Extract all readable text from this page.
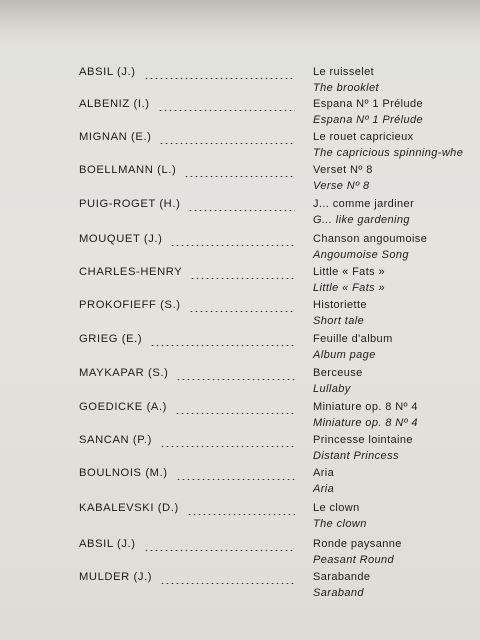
ABSIL (J.)	Le ruisselet
The brooklet
ALBENIZ (I.)	Espana Nº 1 Prélude
Espana Nº 1 Prélude
MIGNAN (E.)	Le rouet capricieux
The capricious spinning-whe
BOELLMANN (L.)	Verset Nº 8
Verse Nº 8
PUIG-ROGET (H.)	J... comme jardiner
G... like gardening
MOUQUET (J.)	Chanson angoumoise
Angoumoise Song
CHARLES-HENRY	Little « Fats »
Little « Fats »
PROKOFIEFF (S.)	Historiette
Short tale
GRIEG (E.)	Feuille d'album
Album page
MAYKAPAR (S.)	Berceuse
Lullaby
GOEDICKE (A.)	Miniature op. 8 Nº 4
Miniature op. 8 Nº 4
SANCAN (P.)	Princesse lointaine
Distant Princess
BOULNOIS (M.)	Aria
Aria
KABALEVSKI (D.)	Le clown
The clown
ABSIL (J.)	Ronde paysanne
Peasant Round
MULDER (J.)	Sarabande
Saraband
